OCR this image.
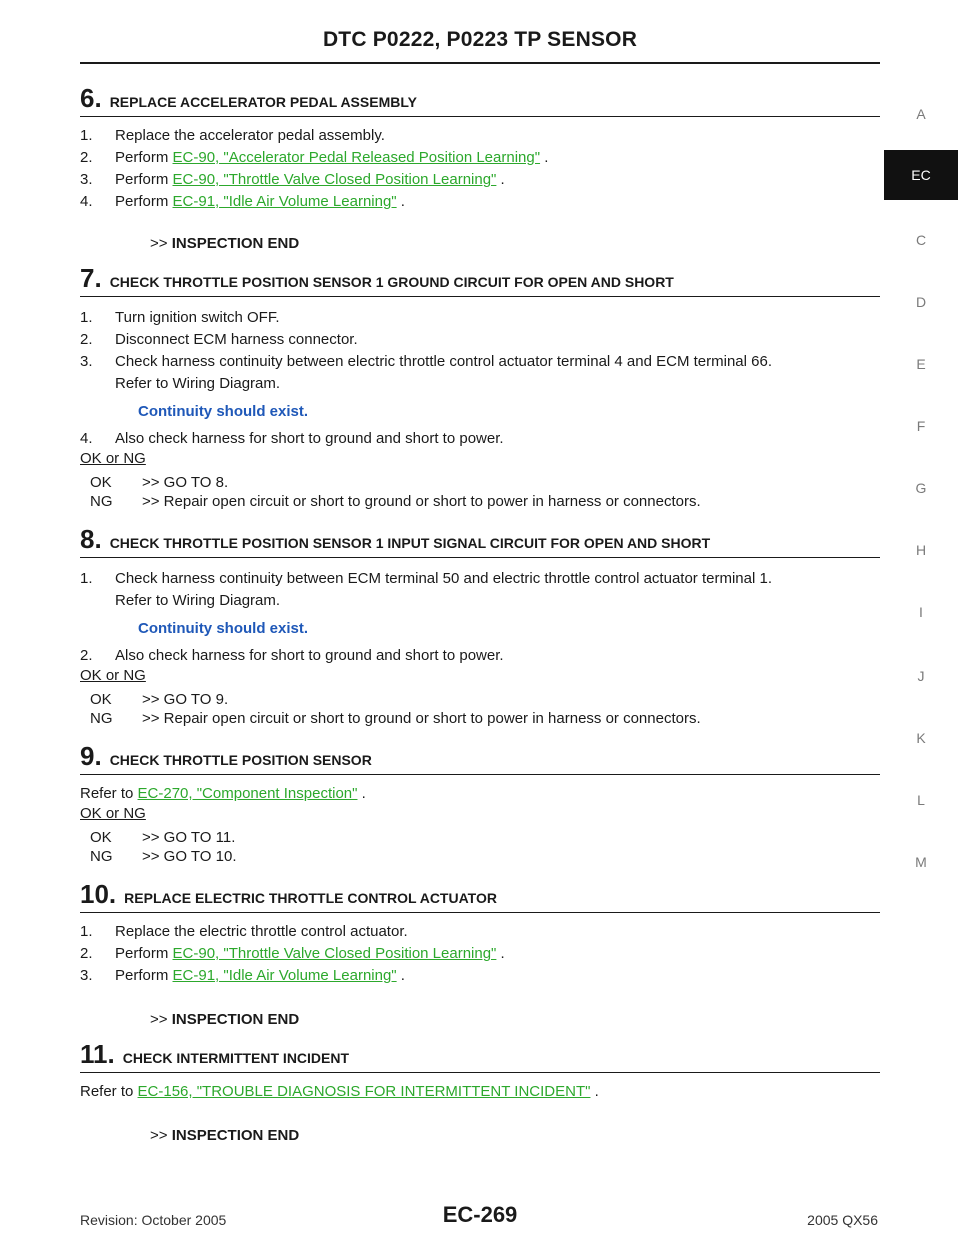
DTC P0222, P0223 TP SENSOR
A
EC
C
D
E
F
G
H
I
J
K
L
M
6. REPLACE ACCELERATOR PEDAL ASSEMBLY
1.	Replace the accelerator pedal assembly.
2.	Perform EC-90, "Accelerator Pedal Released Position Learning" .
3.	Perform EC-90, "Throttle Valve Closed Position Learning" .
4.	Perform EC-91, "Idle Air Volume Learning" .
>> INSPECTION END
7. CHECK THROTTLE POSITION SENSOR 1 GROUND CIRCUIT FOR OPEN AND SHORT
1.	Turn ignition switch OFF.
2.	Disconnect ECM harness connector.
3.	Check harness continuity between electric throttle control actuator terminal 4 and ECM terminal 66.
Refer to Wiring Diagram.
Continuity should exist.
4.	Also check harness for short to ground and short to power.
OK or NG
OK	>> GO TO 8.
NG	>> Repair open circuit or short to ground or short to power in harness or connectors.
8. CHECK THROTTLE POSITION SENSOR 1 INPUT SIGNAL CIRCUIT FOR OPEN AND SHORT
1.	Check harness continuity between ECM terminal 50 and electric throttle control actuator terminal 1.
Refer to Wiring Diagram.
Continuity should exist.
2.	Also check harness for short to ground and short to power.
OK or NG
OK	>> GO TO 9.
NG	>> Repair open circuit or short to ground or short to power in harness or connectors.
9. CHECK THROTTLE POSITION SENSOR
Refer to EC-270, "Component Inspection" .
OK or NG
OK	>> GO TO 11.
NG	>> GO TO 10.
10. REPLACE ELECTRIC THROTTLE CONTROL ACTUATOR
1.	Replace the electric throttle control actuator.
2.	Perform EC-90, "Throttle Valve Closed Position Learning" .
3.	Perform EC-91, "Idle Air Volume Learning" .
>> INSPECTION END
11. CHECK INTERMITTENT INCIDENT
Refer to EC-156, "TROUBLE DIAGNOSIS FOR INTERMITTENT INCIDENT" .
>> INSPECTION END
Revision: October 2005	EC-269	2005 QX56
